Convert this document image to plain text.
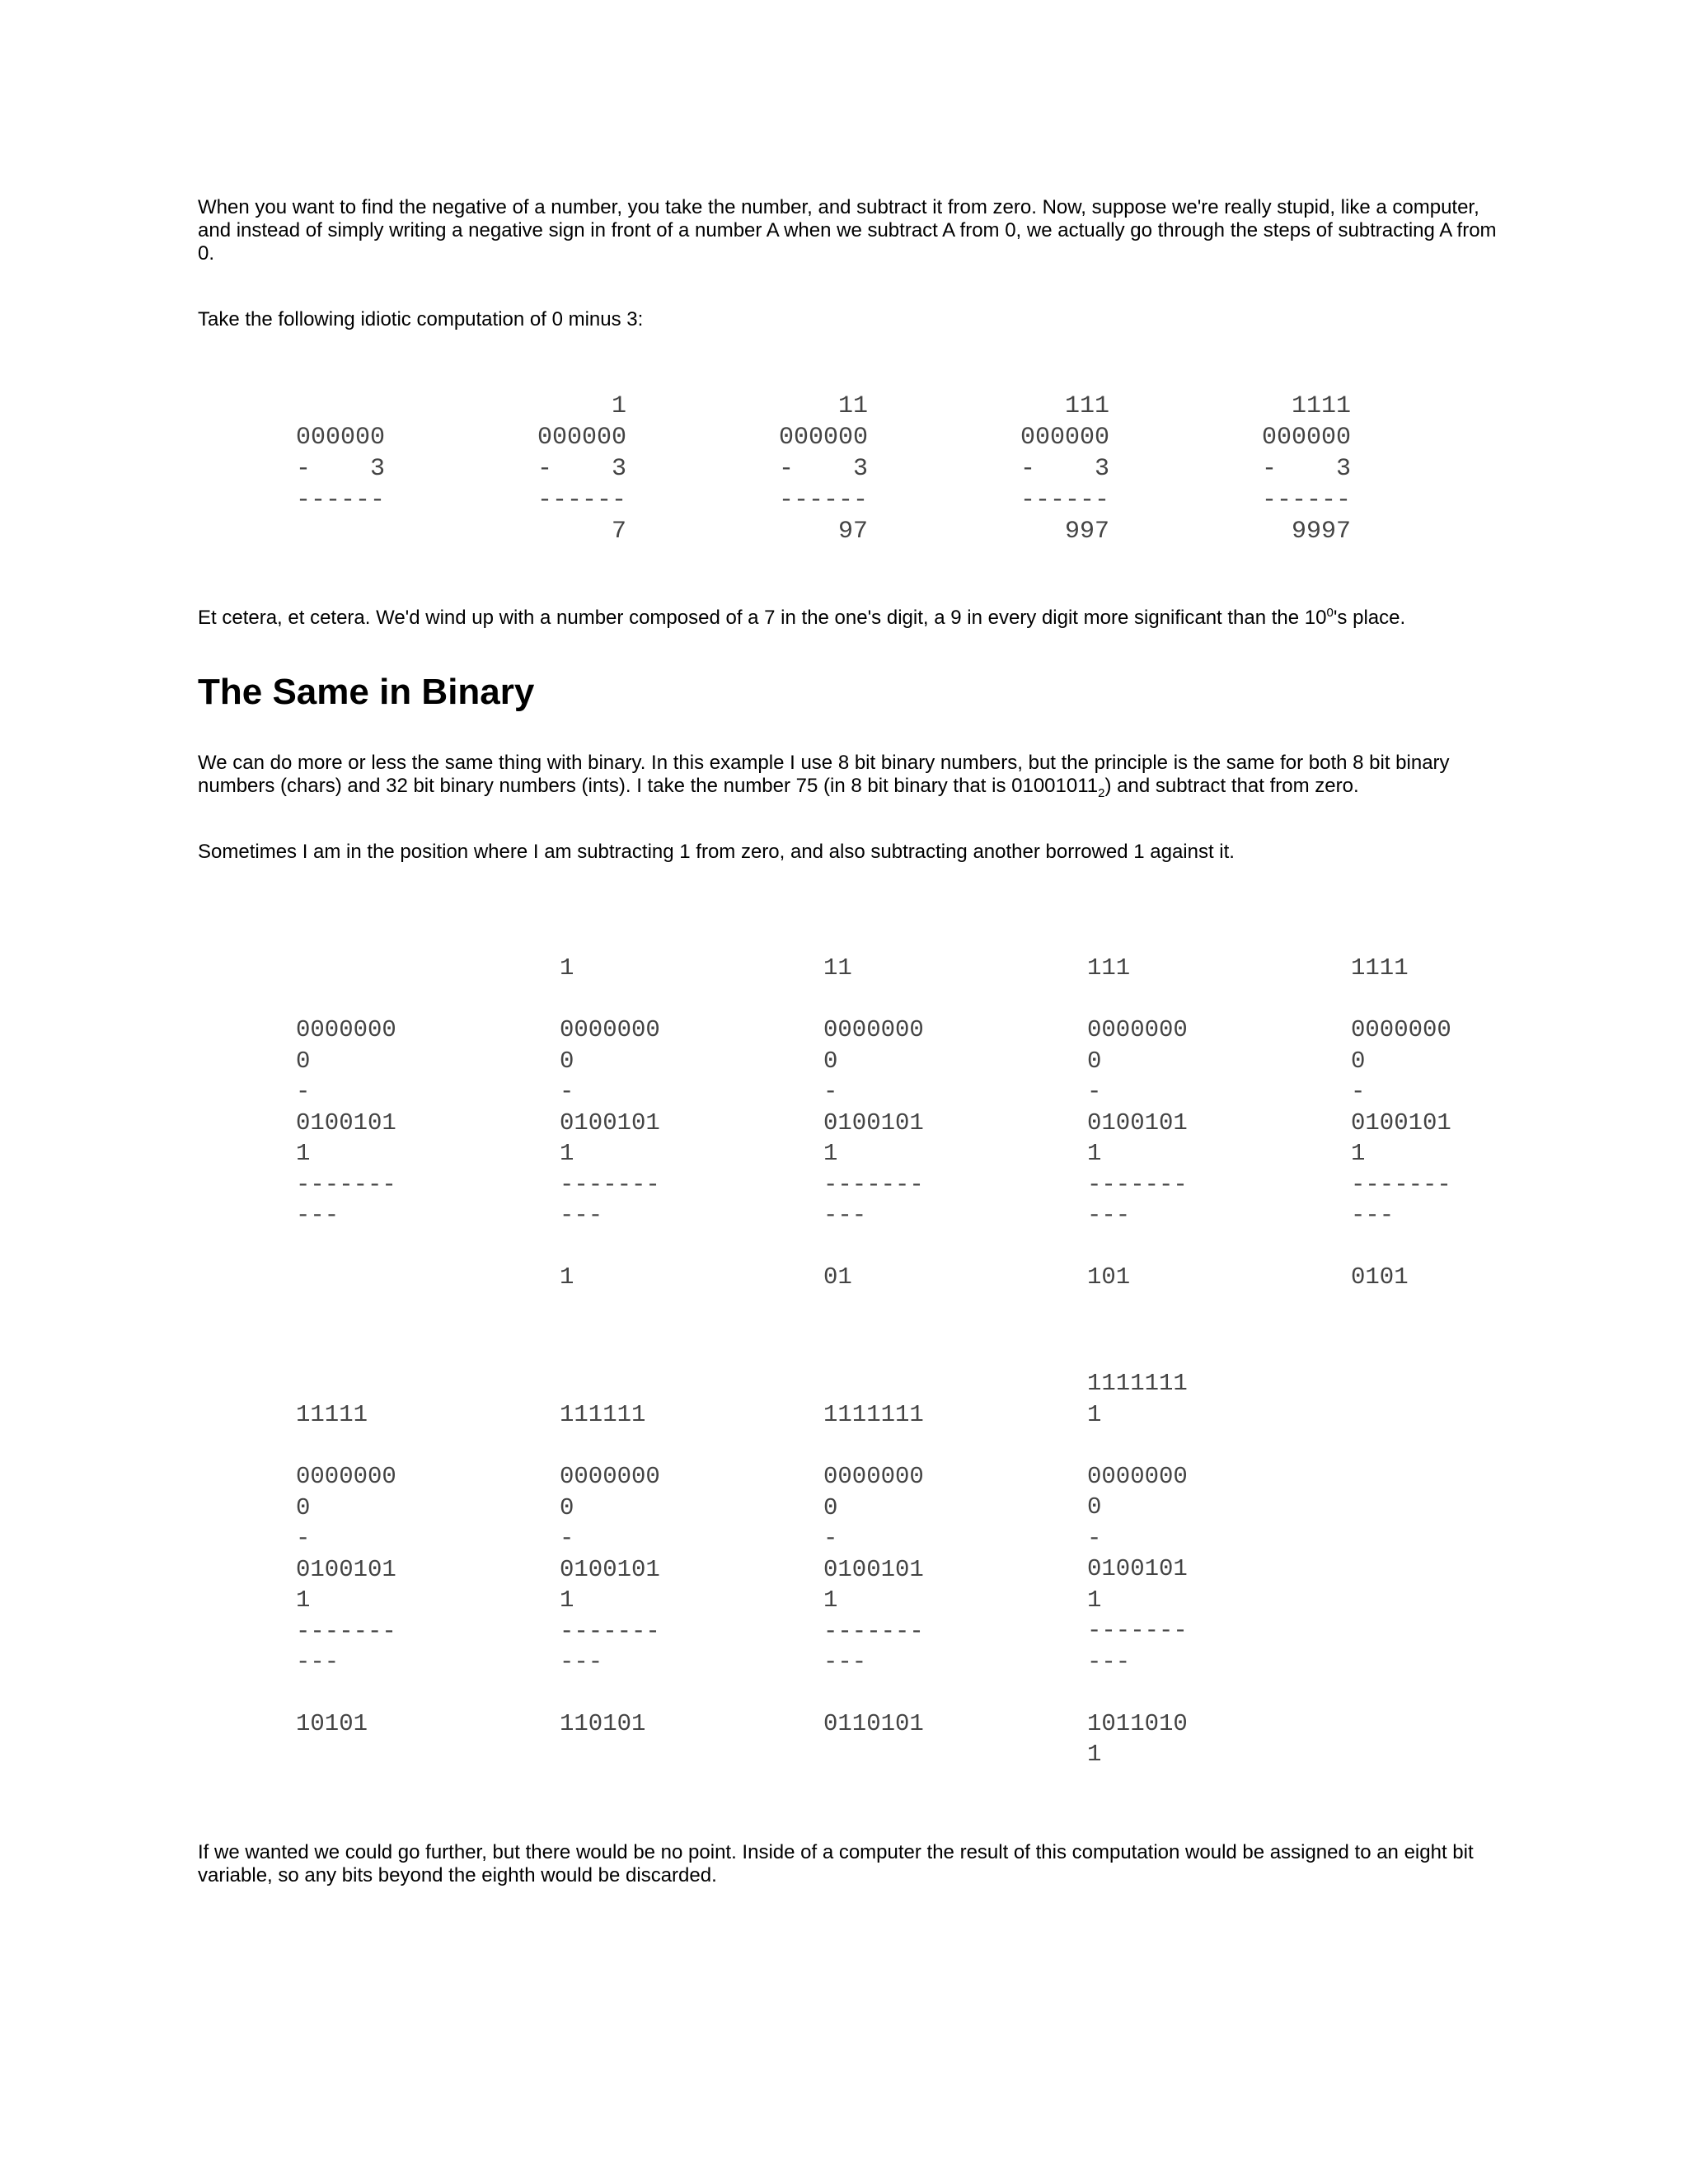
When you want to find the negative of a number, you take the number, and subtract it from zero. Now, suppose we're really stupid, like a computer, and instead of simply writing a negative sign in front of a number A when we subtract A from 0, we actually go through the steps of subtracting A from 0.

Take the following idiotic computation of 0 minus 3:

000000
-    3
------

1
000000
-    3
------
7
11
000000
-    3
------
97
111
000000
-    3
------
997
1111
000000
-    3
------
9997

Et cetera, et cetera. We'd wind up with a number composed of a 7 in the one's digit, a 9 in every digit more significant than the $10^0's$ place.

The Same in Binary

We can do more or less the same thing with binary. In this example I use 8 bit binary numbers, but the principle is the same for both 8 bit binary numbers (chars) and 32 bit binary numbers (ints). I take the number 75 (in 8 bit binary that is $01001011_2$) and subtract that from zero.

Sometimes I am in the position where I am subtracting 1 from zero, and also subtracting another borrowed 1 against it.

0000000
0
-
0100101
1
-------
---

1

0000000
0
-
0100101
1
-------
---

1
11

0000000
0
-
0100101
1
-------
---

01
111

0000000
0
-
0100101
1
-------
---

101
1111

0000000
0
-
0100101
1
-------
---

0101
11111

0000000
0
-
0100101
1
-------
---

10101
111111

0000000
0
-
0100101
1
-------
---

110101
1111111

0000000
0
-
0100101
1
-------
---

0110101
1111111
1

0000000
0
-
0100101
1
-------
---

1011010
1

If we wanted we could go further, but there would be no point. Inside of a computer the result of this computation would be assigned to an eight bit variable, so any bits beyond the eighth would be discarded.
